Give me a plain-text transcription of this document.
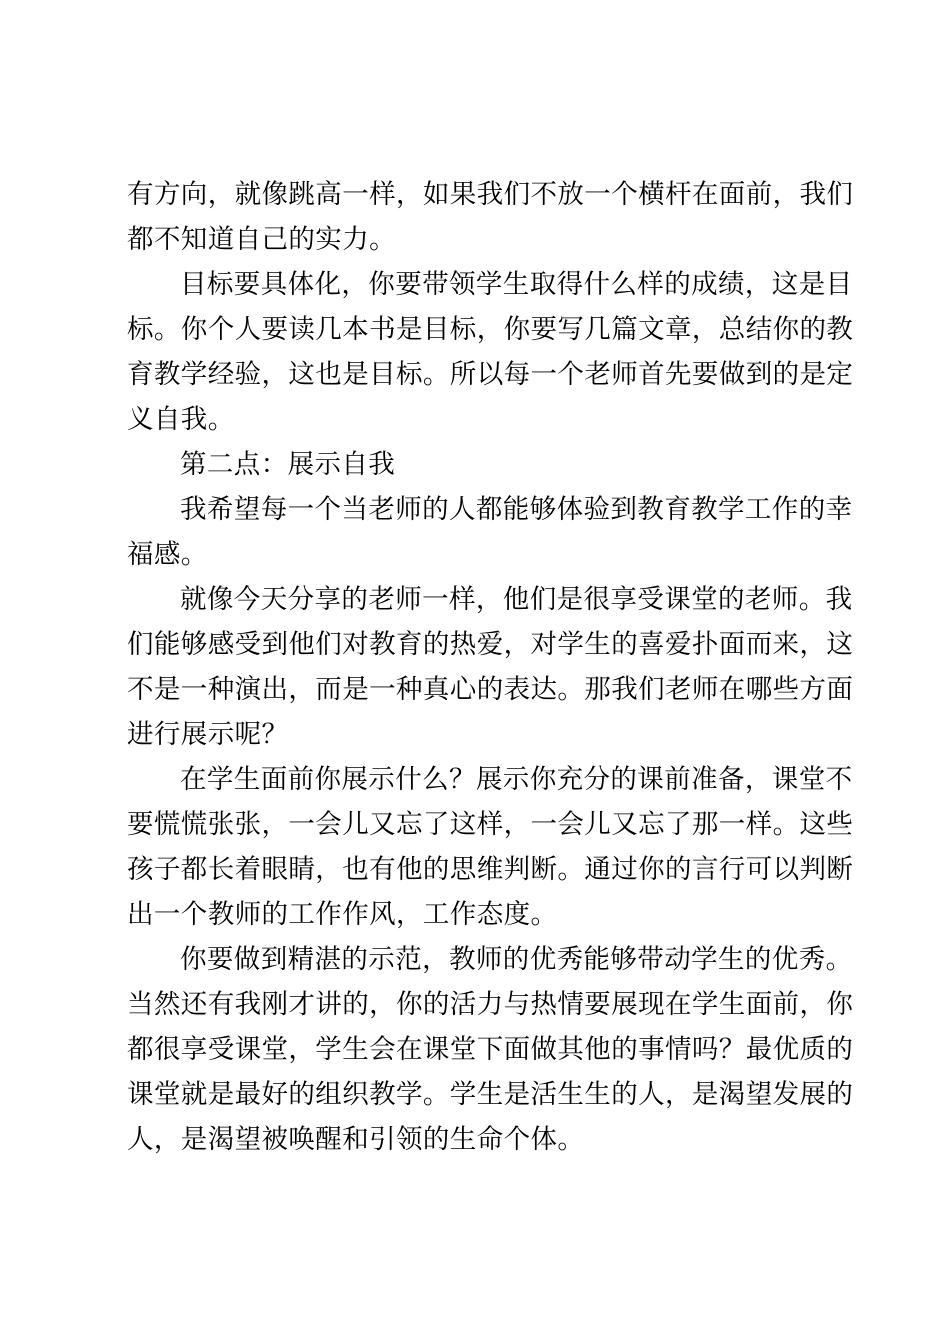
有方向，就像跳高一样，如果我们不放一个横杆在面前，我们
都不知道自己的实力。
目标要具体化，你要带领学生取得什么样的成绩，这是目
标。你个人要读几本书是目标，你要写几篇文章，总结你的教
育教学经验，这也是目标。所以每一个老师首先要做到的是定
义自我。
第二点：展示自我
我希望每一个当老师的人都能够体验到教育教学工作的幸
福感。
就像今天分享的老师一样，他们是很享受课堂的老师。我
们能够感受到他们对教育的热爱，对学生的喜爱扑面而来，这
不是一种演出，而是一种真心的表达。那我们老师在哪些方面
进行展示呢？
在学生面前你展示什么？展示你充分的课前准备，课堂不
要慌慌张张，一会儿又忘了这样，一会儿又忘了那一样。这些
孩子都长着眼睛，也有他的思维判断。通过你的言行可以判断
出一个教师的工作作风，工作态度。
你要做到精湛的示范，教师的优秀能够带动学生的优秀。
当然还有我刚才讲的，你的活力与热情要展现在学生面前，你
都很享受课堂，学生会在课堂下面做其他的事情吗？最优质的
课堂就是最好的组织教学。学生是活生生的人，是渴望发展的
人，是渴望被唤醒和引领的生命个体。
